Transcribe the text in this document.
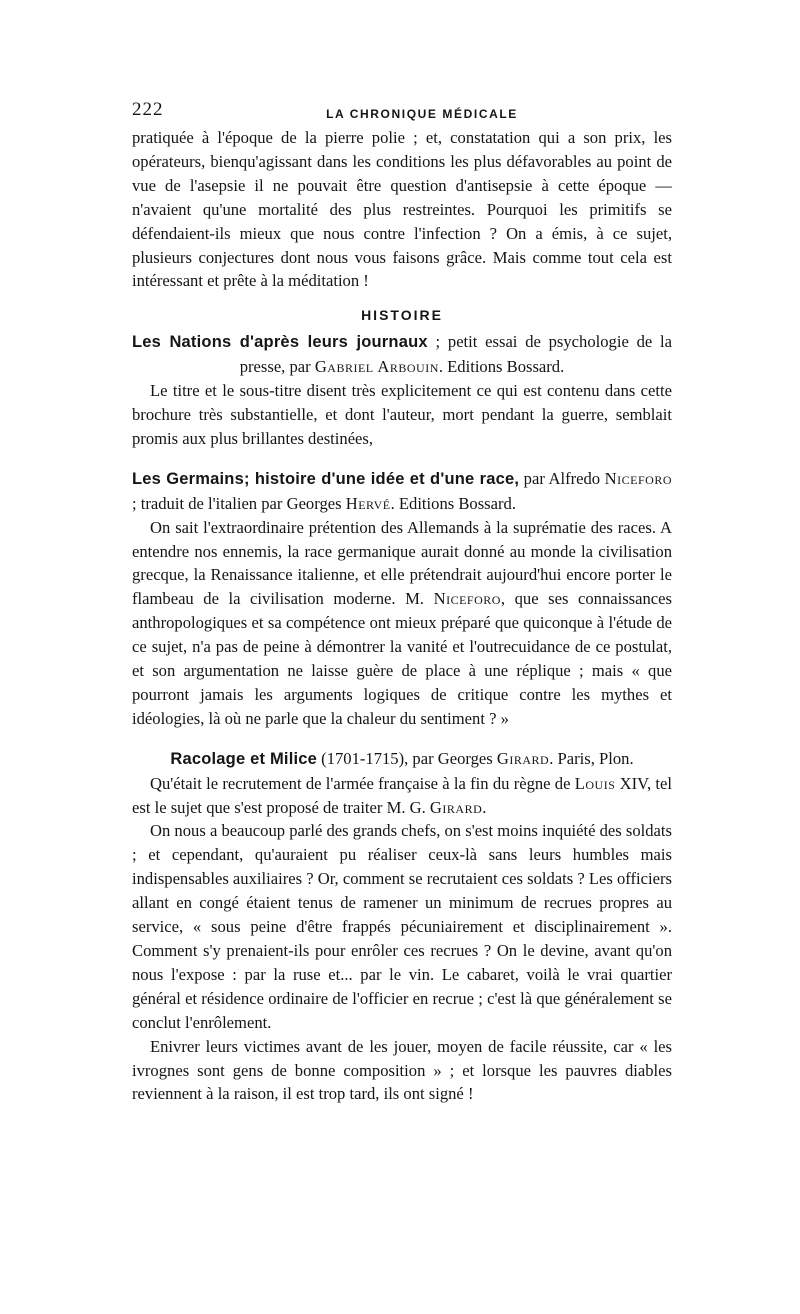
222	LA CHRONIQUE MÉDICALE

pratiquée à l'époque de la pierre polie ; et, constatation qui a son prix, les opérateurs, bienqu'agissant dans les conditions les plus défavorables au point de vue de l'asepsie il ne pouvait être question d'antisepsie à cette époque — n'avaient qu'une mortalité des plus restreintes. Pourquoi les primitifs se défendaient-ils mieux que nous contre l'infection ? On a émis, à ce sujet, plusieurs conjectures dont nous vous faisons grâce. Mais comme tout cela est intéressant et prête à la méditation !

HISTOIRE

Les Nations d'après leurs journaux ; petit essai de psychologie de la presse, par Gabriel Arbouin. Editions Bossard.

Le titre et le sous-titre disent très explicitement ce qui est contenu dans cette brochure très substantielle, et dont l'auteur, mort pendant la guerre, semblait promis aux plus brillantes destinées,

Les Germains; histoire d'une idée et d'une race, par Alfredo Niceforo ; traduit de l'italien par Georges Hervé. Editions Bossard.

On sait l'extraordinaire prétention des Allemands à la suprématie des races. A entendre nos ennemis, la race germanique aurait donné au monde la civilisation grecque, la Renaissance italienne, et elle prétendrait aujourd'hui encore porter le flambeau de la civilisation moderne. M. Niceforo, que ses connaissances anthropologiques et sa compétence ont mieux préparé que quiconque à l'étude de ce sujet, n'a pas de peine à démontrer la vanité et l'outrecuidance de ce postulat, et son argumentation ne laisse guère de place à une réplique ; mais « que pourront jamais les arguments logiques de critique contre les mythes et idéologies, là où ne parle que la chaleur du sentiment ? »

Racolage et Milice (1701-1715), par Georges Girard. Paris, Plon.

Qu'était le recrutement de l'armée française à la fin du règne de Louis XIV, tel est le sujet que s'est proposé de traiter M. G. Girard.

On nous a beaucoup parlé des grands chefs, on s'est moins inquiété des soldats ; et cependant, qu'auraient pu réaliser ceux-là sans leurs humbles mais indispensables auxiliaires ? Or, comment se recrutaient ces soldats ? Les officiers allant en congé étaient tenus de ramener un minimum de recrues propres au service, « sous peine d'être frappés pécuniairement et disciplinairement ». Comment s'y prenaient-ils pour enrôler ces recrues ? On le devine, avant qu'on nous l'expose : par la ruse et... par le vin. Le cabaret, voilà le vrai quartier général et résidence ordinaire de l'officier en recrue ; c'est là que généralement se conclut l'enrôlement.

Enivrer leurs victimes avant de les jouer, moyen de facile réussite, car « les ivrognes sont gens de bonne composition » ; et lorsque les pauvres diables reviennent à la raison, il est trop tard, ils ont signé !
